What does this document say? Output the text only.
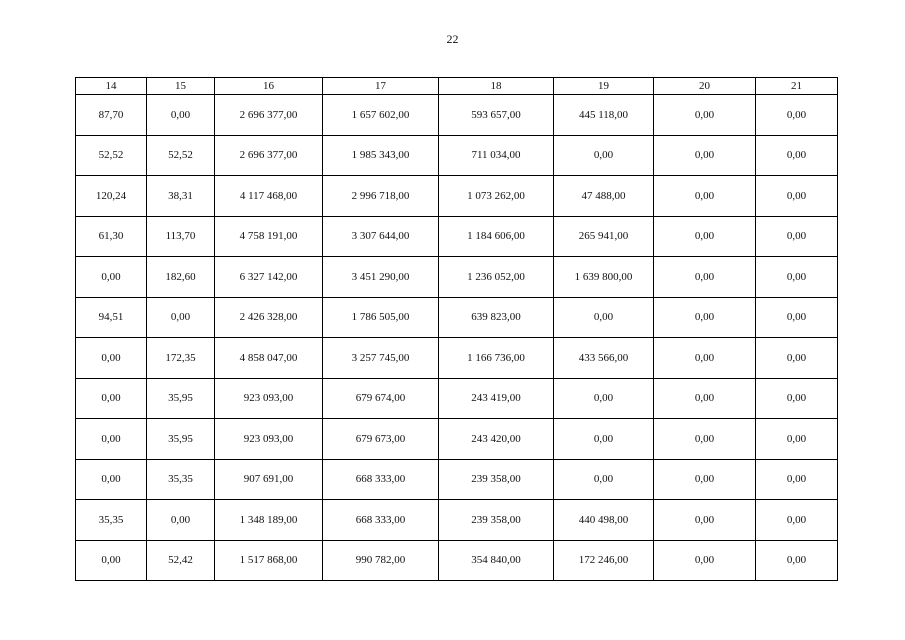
22
14	15	16	17	18	19	20	21
87,70	0,00	2 696 377,00	1 657 602,00	593 657,00	445 118,00	0,00	0,00
52,52	52,52	2 696 377,00	1 985 343,00	711 034,00	0,00	0,00	0,00
120,24	38,31	4 117 468,00	2 996 718,00	1 073 262,00	47 488,00	0,00	0,00
61,30	113,70	4 758 191,00	3 307 644,00	1 184 606,00	265 941,00	0,00	0,00
0,00	182,60	6 327 142,00	3 451 290,00	1 236 052,00	1 639 800,00	0,00	0,00
94,51	0,00	2 426 328,00	1 786 505,00	639 823,00	0,00	0,00	0,00
0,00	172,35	4 858 047,00	3 257 745,00	1 166 736,00	433 566,00	0,00	0,00
0,00	35,95	923 093,00	679 674,00	243 419,00	0,00	0,00	0,00
0,00	35,95	923 093,00	679 673,00	243 420,00	0,00	0,00	0,00
0,00	35,35	907 691,00	668 333,00	239 358,00	0,00	0,00	0,00
35,35	0,00	1 348 189,00	668 333,00	239 358,00	440 498,00	0,00	0,00
0,00	52,42	1 517 868,00	990 782,00	354 840,00	172 246,00	0,00	0,00
